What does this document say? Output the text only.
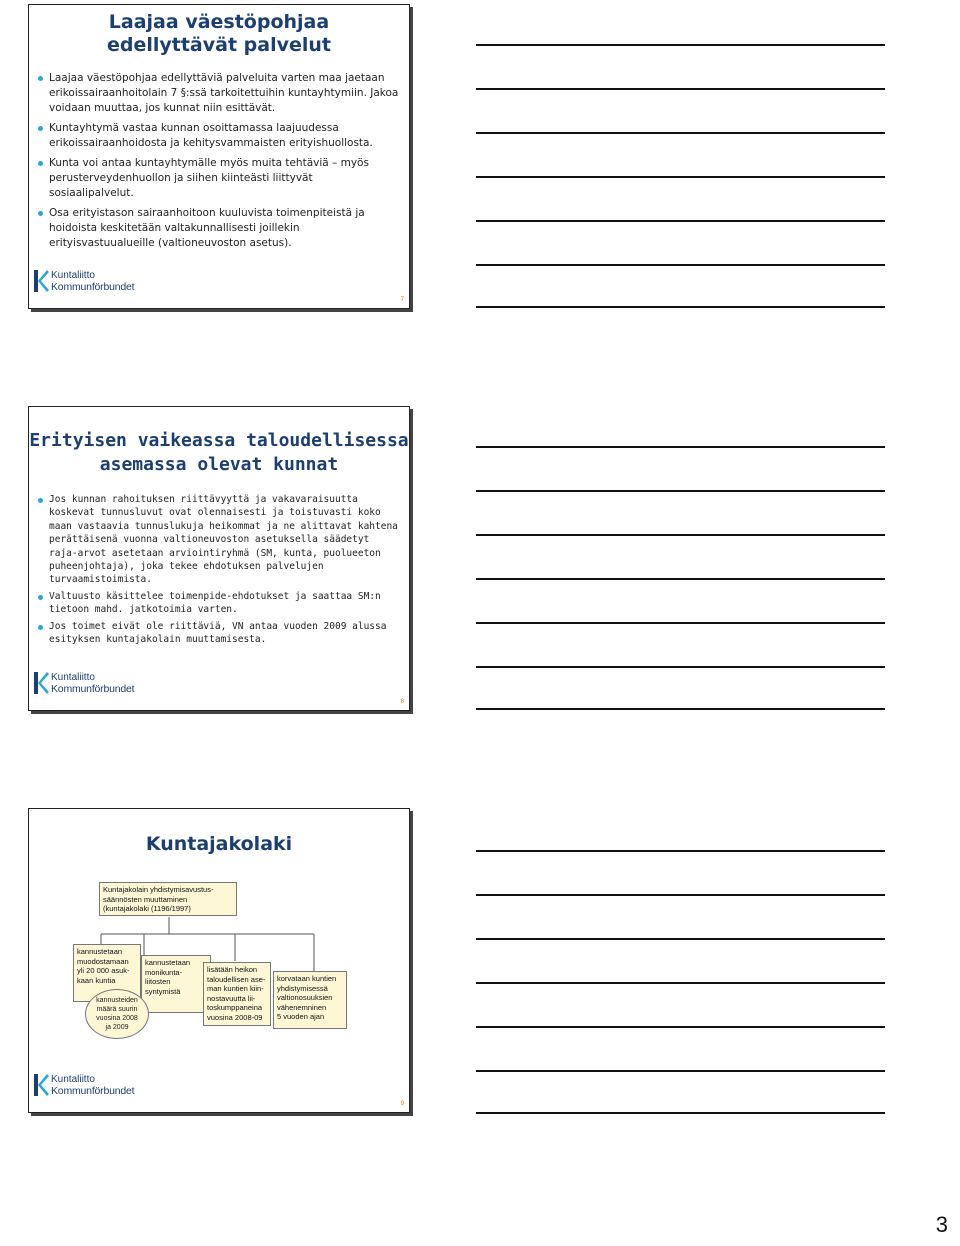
Laajaa väestöpohjaa
edellyttävät palvelut
Laajaa väestöpohjaa edellyttäviä palveluita varten maa jaetaan erikoissairaanhoitolain 7 §:ssä tarkoitettuihin kuntayhtymiin. Jakoa voidaan muuttaa, jos kunnat niin esittävät.
Kuntayhtymä vastaa kunnan osoittamassa laajuudessa erikoissairaanhoidosta ja kehitysvammaisten erityishuollosta.
Kunta voi antaa kuntayhtymälle myös muita tehtäviä – myös perusterveydenhuollon ja siihen kiinteästi liittyvät sosiaalipalvelut.
Osa erityistason sairaanhoitoon kuuluvista toimenpiteistä ja hoidoista keskitetään valtakunnallisesti joillekin erityisvastuualueille (valtioneuvoston asetus).
Kuntaliitto
Kommunförbundet
7
Erityisen vaikeassa taloudellisessa
asemassa olevat kunnat
Jos kunnan rahoituksen riittävyyttä ja vakavaraisuutta koskevat tunnusluvut ovat olennaisesti ja toistuvasti koko maan vastaavia tunnuslukuja heikommat ja ne alittavat kahtena perättäisenä vuonna valtioneuvoston asetuksella säädetyt raja-arvot asetetaan arviointiryhmä (SM, kunta, puolueeton puheenjohtaja), joka tekee ehdotuksen palvelujen turvaamistoimista.
Valtuusto käsittelee toimenpide-ehdotukset ja saattaa SM:n tietoon mahd. jatkotoimia varten.
Jos toimet eivät ole riittäviä, VN antaa vuoden 2009 alussa esityksen kuntajakolain muuttamisesta.
Kuntaliitto
Kommunförbundet
8
Kuntajakolaki
Kuntajakolain yhdistymisavustus-
säännösten muuttaminen
(kuntajakolaki (1196/1997)
kannustetaan
muodostamaan
yli 20 000 asuk-
kaan kuntia
kannustetaan
monikunta-
liitosten
syntymistä
lisätään heikon
taloudellisen ase-
man kuntien kiin-
nostavuutta lii-
toskumppaneina
vuosina 2008-09
korvataan kuntien
yhdistymisessä
valtionosuuksien
vähenemninen
5 vuoden ajan
kannusteiden
määrä suurin
vuosina 2008
ja 2009
Kuntaliitto
Kommunförbundet
9
3
